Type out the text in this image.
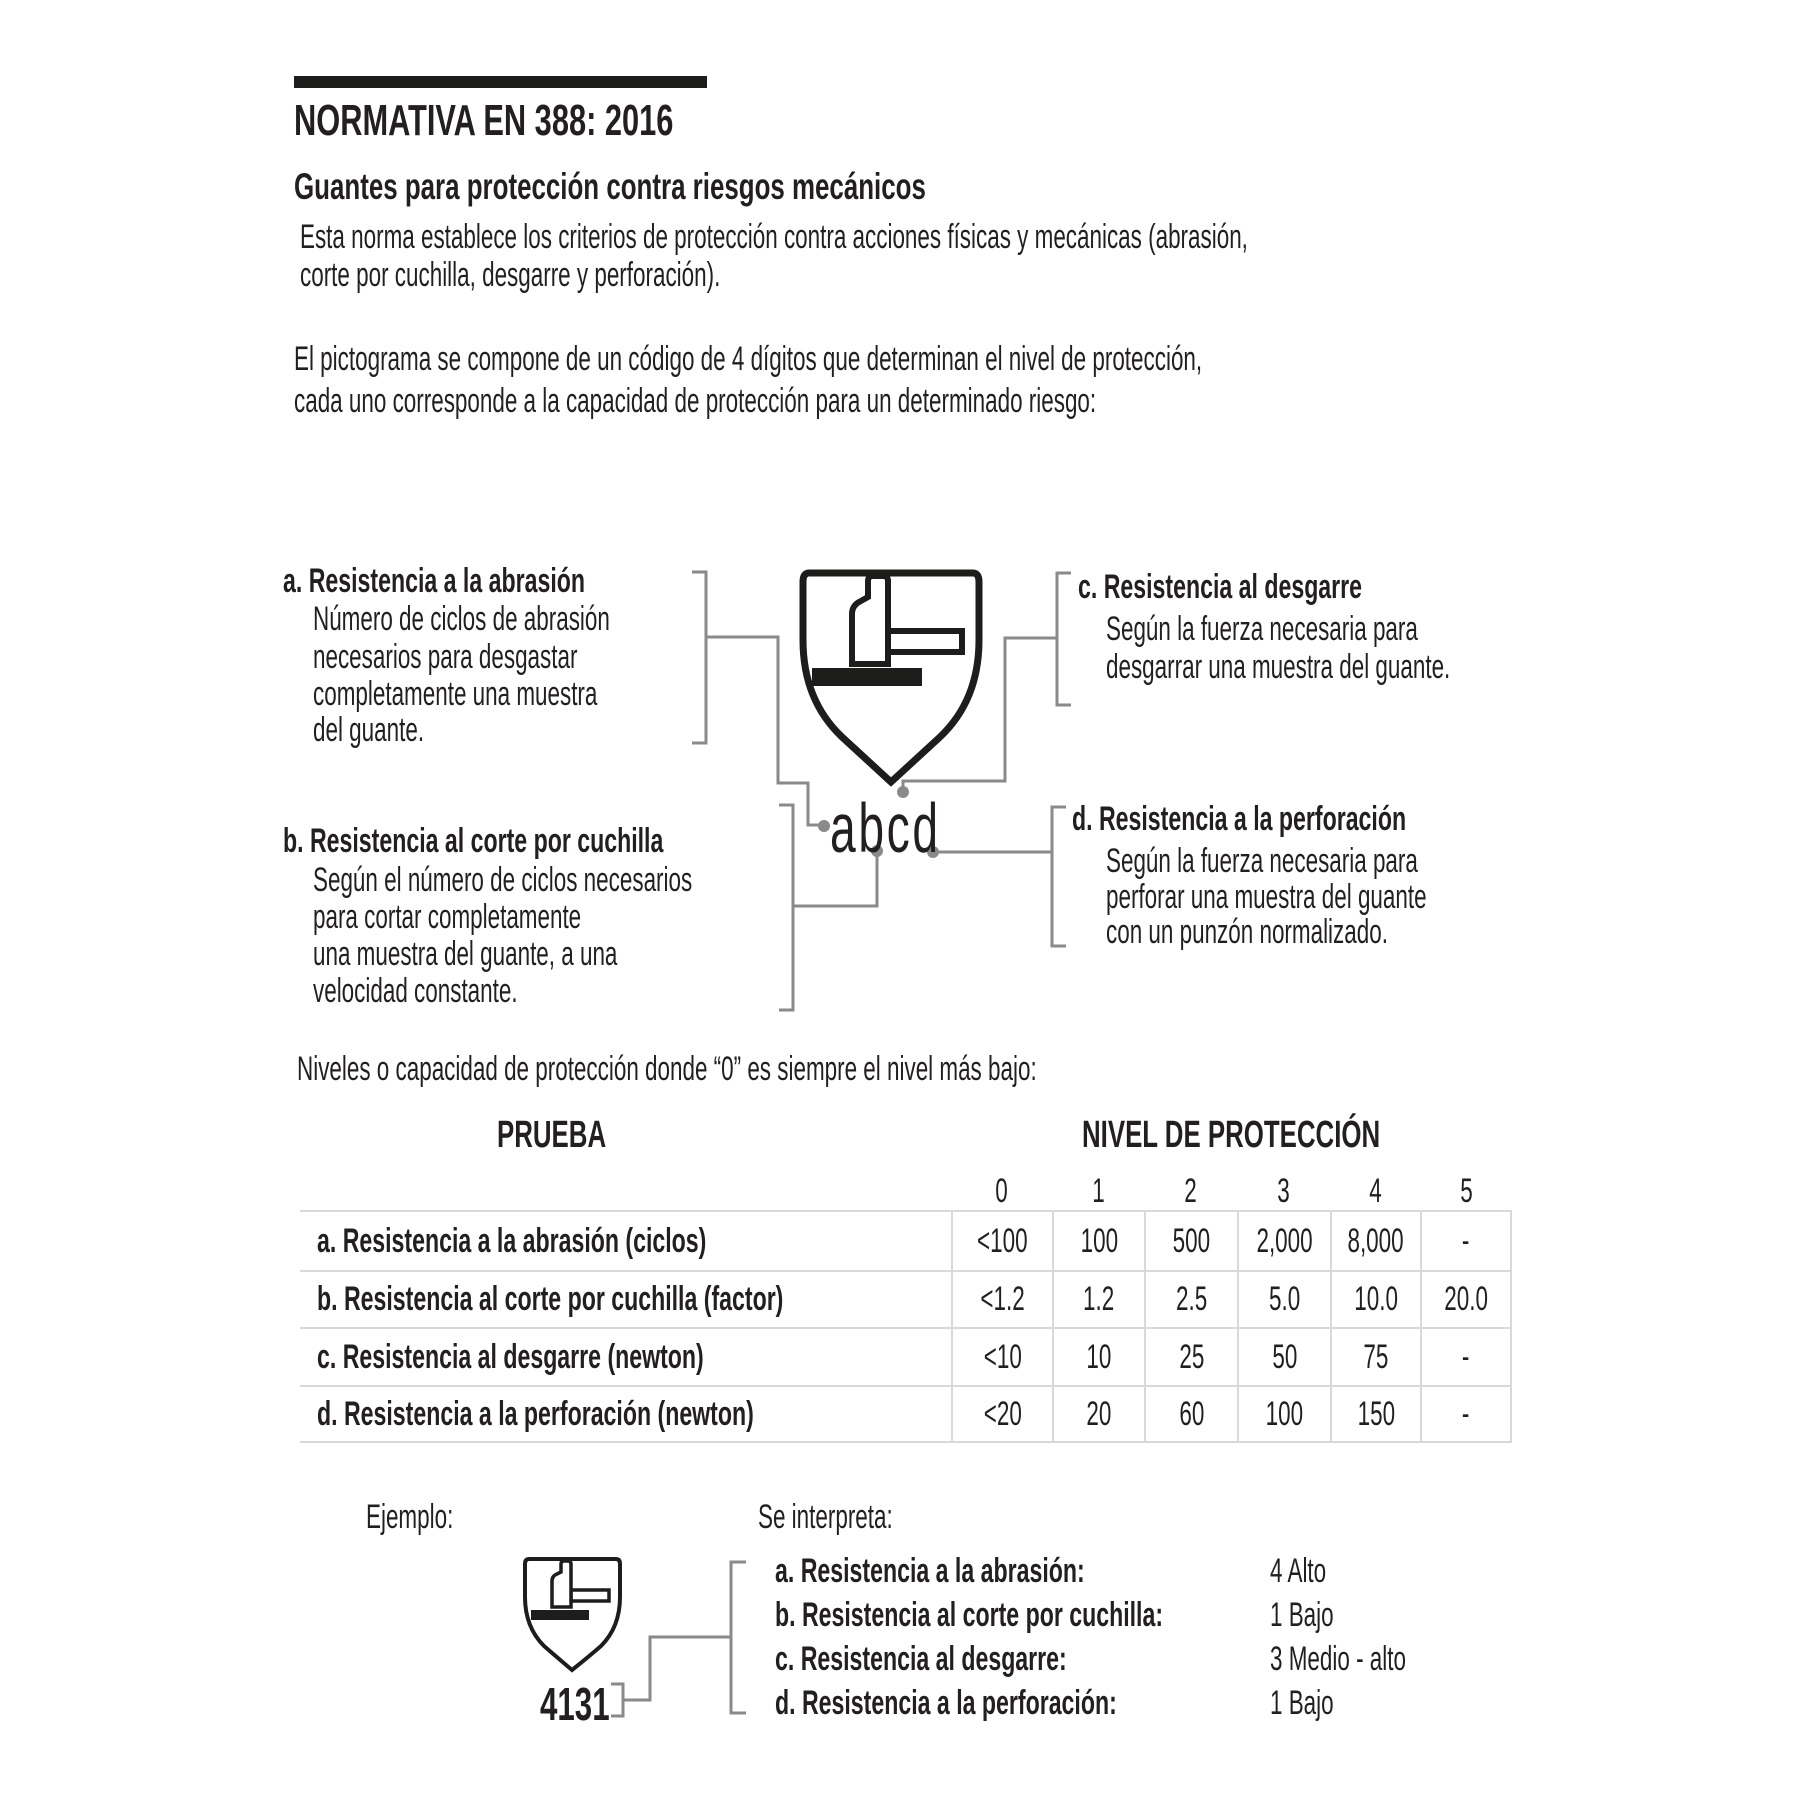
NORMATIVA EN 388: 2016
Guantes para protección contra riesgos mecánicos
Esta norma establece los criterios de protección contra acciones físicas y mecánicas (abrasión,
corte por cuchilla, desgarre y perforación).
El pictograma se compone de un código de 4 dígitos que determinan el nivel de protección,
cada uno corresponde a la capacidad de protección para un determinado riesgo:
abcd
a. Resistencia a la abrasión
Número de ciclos de abrasión
necesarios para desgastar
completamente una muestra
del guante.
b. Resistencia al corte por cuchilla
Según el número de ciclos necesarios
para cortar completamente
una muestra del guante, a una
velocidad constante.
c. Resistencia al desgarre
Según la fuerza necesaria para
desgarrar una muestra del guante.
d. Resistencia a la perforación
Según la fuerza necesaria para
perforar una muestra del guante
con un punzón normalizado.
Niveles o capacidad de protección donde “0” es siempre el nivel más bajo:
PRUEBA	NIVEL DE PROTECCIÓN
0 1 2 3 4 5
a. Resistencia a la abrasión (ciclos)	<100 100 500 2,000 8,000 -
b. Resistencia al corte por cuchilla (factor)	<1.2 1.2 2.5 5.0 10.0 20.0
c. Resistencia al desgarre (newton)	<10 10 25 50 75 -
d. Resistencia a la perforación (newton)	<20 20 60 100 150 -
Ejemplo:	Se interpreta:
4131
a. Resistencia a la abrasión:	4 Alto
b. Resistencia al corte por cuchilla:	1 Bajo
c. Resistencia al desgarre:	3 Medio - alto
d. Resistencia a la perforación:	1 Bajo
